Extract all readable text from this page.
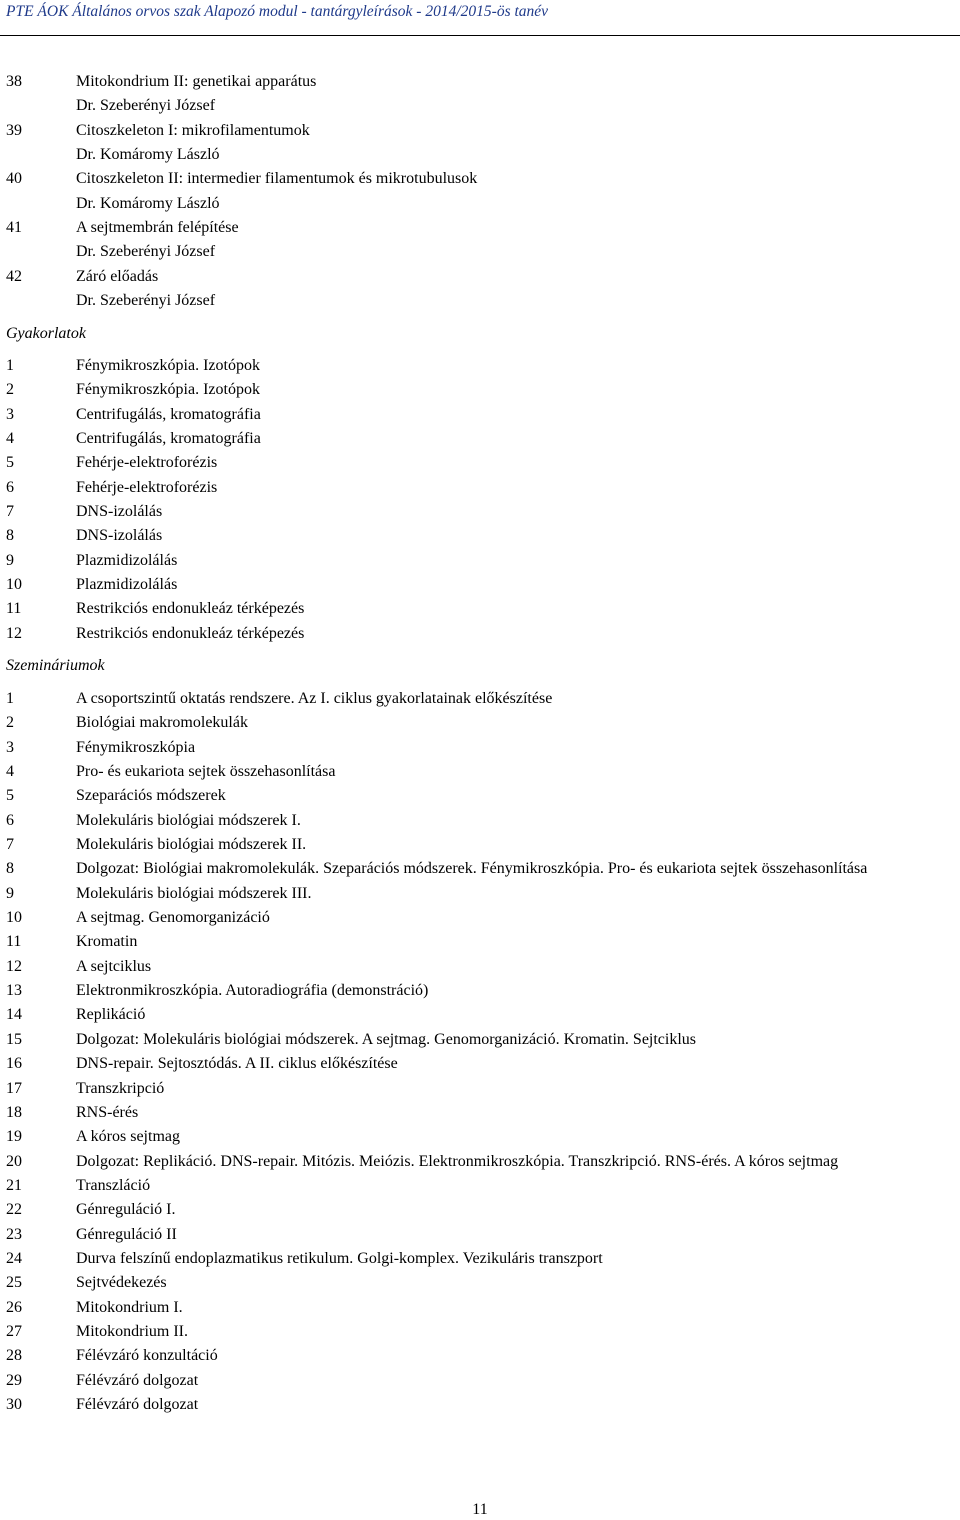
PTE ÁOK Általános orvos szak Alapozó modul - tantárgyleírások - 2014/2015-ös tanév
38	Mitokondrium II: genetikai apparátus
Dr. Szeberényi József
39	Citoszkeleton I: mikrofilamentumok
Dr. Komáromy László
40	Citoszkeleton II: intermedier filamentumok és mikrotubulusok
Dr. Komáromy László
41	A sejtmembrán felépítése
Dr. Szeberényi József
42	Záró előadás
Dr. Szeberényi József
Gyakorlatok
1	Fénymikroszkópia. Izotópok
2	Fénymikroszkópia. Izotópok
3	Centrifugálás, kromatográfia
4	Centrifugálás, kromatográfia
5	Fehérje-elektroforézis
6	Fehérje-elektroforézis
7	DNS-izolálás
8	DNS-izolálás
9	Plazmidizolálás
10	Plazmidizolálás
11	Restrikciós endonukleáz térképezés
12	Restrikciós endonukleáz térképezés
Szemináriumok
1	A csoportszintű oktatás rendszere. Az I. ciklus gyakorlatainak előkészítése
2	Biológiai makromolekulák
3	Fénymikroszkópia
4	Pro- és eukariota sejtek összehasonlítása
5	Szeparációs módszerek
6	Molekuláris biológiai módszerek I.
7	Molekuláris biológiai módszerek II.
8	Dolgozat: Biológiai makromolekulák. Szeparációs módszerek. Fénymikroszkópia. Pro- és eukariota sejtek összehasonlítása
9	Molekuláris biológiai módszerek III.
10	A sejtmag. Genomorganizáció
11	Kromatin
12	A sejtciklus
13	Elektronmikroszkópia. Autoradiográfia (demonstráció)
14	Replikáció
15	Dolgozat: Molekuláris biológiai módszerek. A sejtmag. Genomorganizáció. Kromatin. Sejtciklus
16	DNS-repair. Sejtosztódás. A II. ciklus előkészítése
17	Transzkripció
18	RNS-érés
19	A kóros sejtmag
20	Dolgozat: Replikáció. DNS-repair. Mitózis. Meiózis. Elektronmikroszkópia. Transzkripció. RNS-érés. A kóros sejtmag
21	Transzláció
22	Génreguláció I.
23	Génreguláció II
24	Durva felszínű endoplazmatikus retikulum. Golgi-komplex. Vezikuláris transzport
25	Sejtvédekezés
26	Mitokondrium I.
27	Mitokondrium II.
28	Félévzáró konzultáció
29	Félévzáró dolgozat
30	Félévzáró dolgozat
11
